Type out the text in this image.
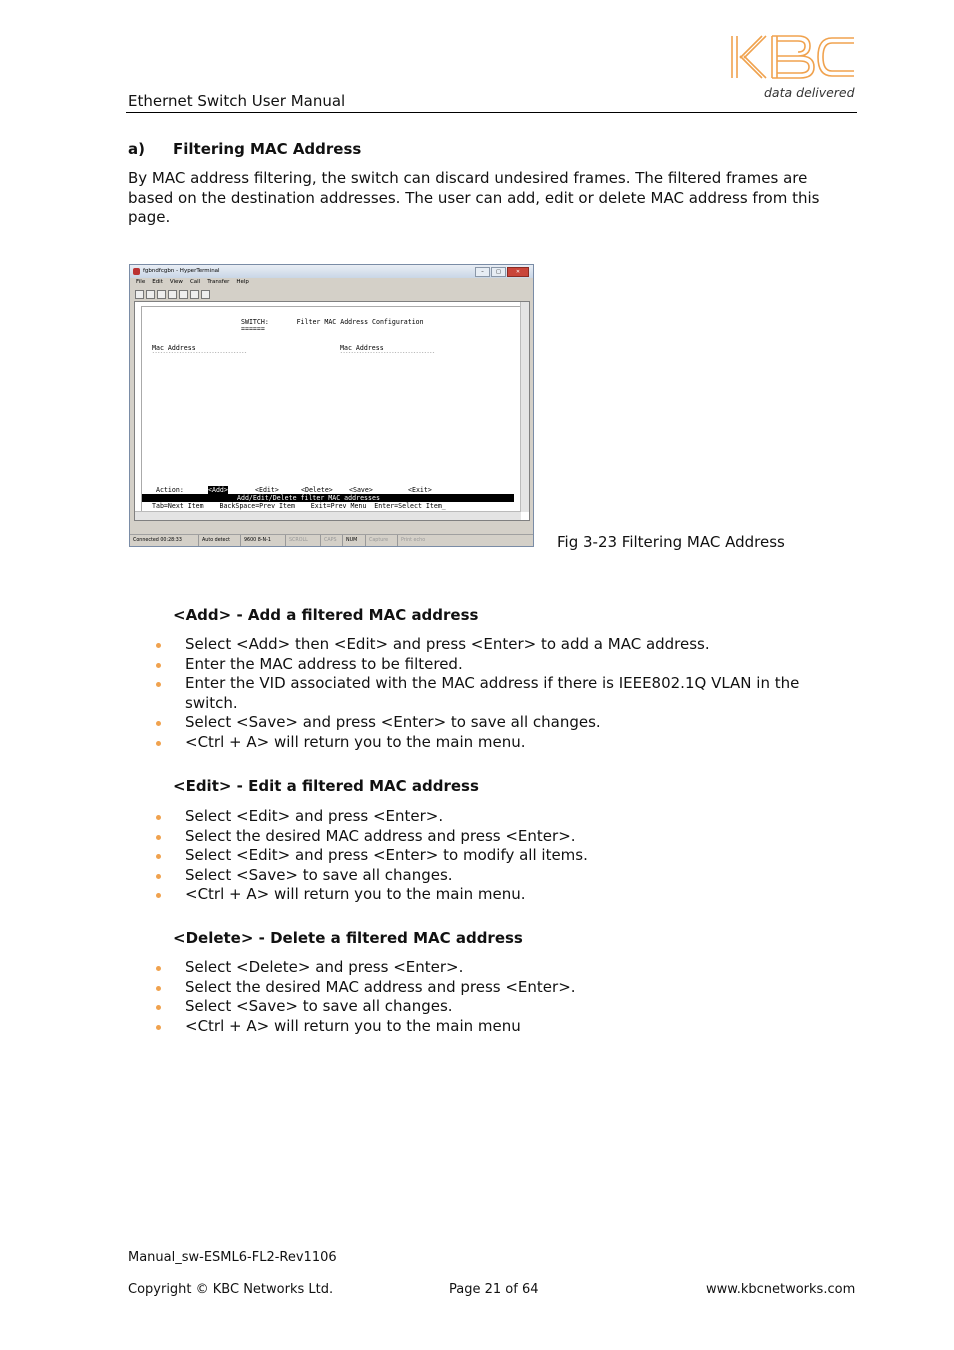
Ethernet Switch User Manual	data delivered
a) Filtering MAC Address
By MAC address filtering, the switch can discard undesired frames. The filtered frames are based on the destination addresses. The user can add, edit or delete MAC address from this page.
fgbndfcgbn - HyperTerminal	–	□	✕
File Edit View Call Transfer Help
SWITCH:       Filter MAC Address Configuration
======
Mac Address	Mac Address
-----------------------------------	-----------------------------------
Action:	<Add>	<Edit>	<Delete> <Save>	<Exit>
Add/Edit/Delete filter MAC addresses
Tab=Next Item    BackSpace=Prev Item    Exit=Prev Menu  Enter=Select Item_
Connected 00:28:33	Auto detect	9600 8-N-1	SCROLL	CAPS	NUM	Capture	Print echo	Fig 3-23 Filtering MAC Address
<Add> - Add a filtered MAC address
Select <Add> then <Edit> and press <Enter> to add a MAC address.
Enter the MAC address to be filtered.
Enter the VID associated with the MAC address if there is IEEE802.1Q VLAN in the switch.
Select <Save> and press <Enter> to save all changes.
<Ctrl + A> will return you to the main menu.
<Edit> - Edit a filtered MAC address
Select <Edit> and press <Enter>.
Select the desired MAC address and press <Enter>.
Select <Edit> and press <Enter> to modify all items.
Select <Save> to save all changes.
<Ctrl + A> will return you to the main menu.
<Delete> - Delete a filtered MAC address
Select <Delete> and press <Enter>.
Select the desired MAC address and press <Enter>.
Select <Save> to save all changes.
<Ctrl + A> will return you to the main menu
Manual_sw-ESML6-FL2-Rev1106
Copyright © KBC Networks Ltd.	Page 21 of 64	www.kbcnetworks.com
